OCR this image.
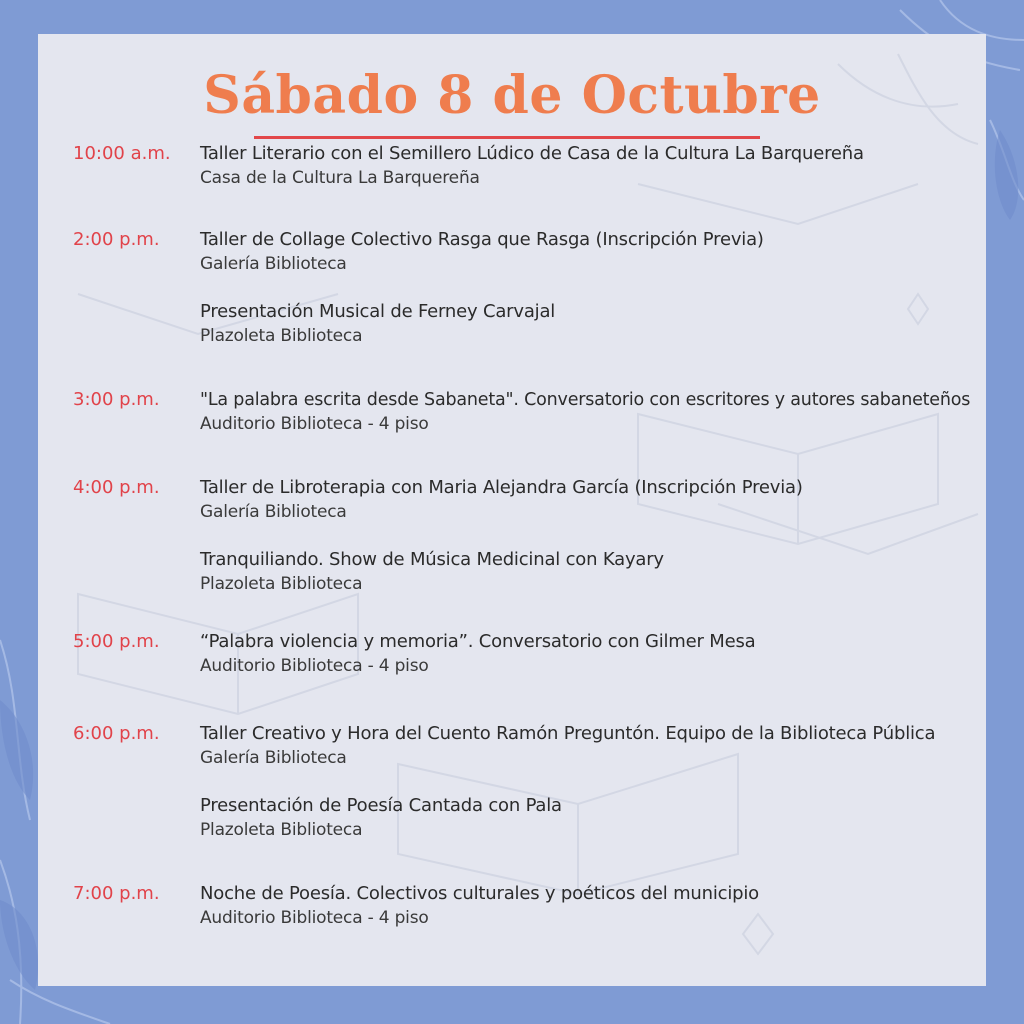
Sábado 8 de Octubre
10:00 a.m. Taller Literario con el Semillero Lúdico de Casa de la Cultura La Barquereña
Casa de la Cultura La Barquereña
2:00 p.m. Taller de Collage Colectivo Rasga que Rasga (Inscripción Previa)
Galería Biblioteca
Presentación Musical de Ferney Carvajal
Plazoleta Biblioteca
3:00 p.m. "La palabra escrita desde Sabaneta". Conversatorio con escritores y autores sabaneteños
Auditorio Biblioteca - 4 piso
4:00 p.m. Taller de Libroterapia con Maria Alejandra García (Inscripción Previa)
Galería Biblioteca
Tranquiliando. Show de Música Medicinal con Kayary
Plazoleta Biblioteca
5:00 p.m. “Palabra violencia y memoria”. Conversatorio con Gilmer Mesa
Auditorio Biblioteca - 4 piso
6:00 p.m. Taller Creativo y Hora del Cuento Ramón Preguntón. Equipo de la Biblioteca Pública
Galería Biblioteca
Presentación de Poesía Cantada con Pala
Plazoleta Biblioteca
7:00 p.m. Noche de Poesía. Colectivos culturales y poéticos del municipio
Auditorio Biblioteca - 4 piso
